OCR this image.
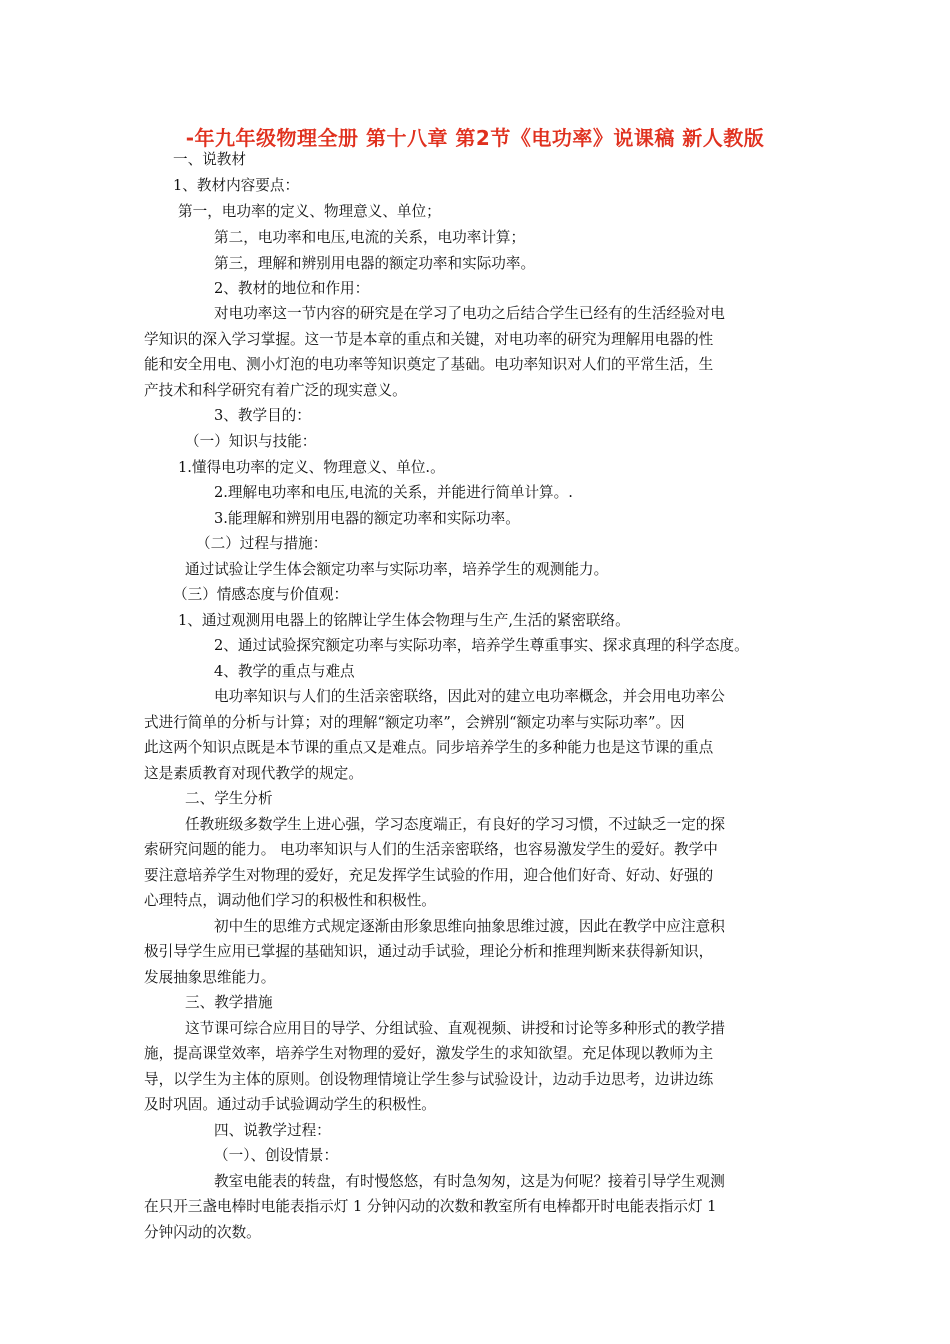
-年九年级物理全册 第十八章 第2节《电功率》说课稿 新人教版
一、说教材
1、教材内容要点：
第一，电功率的定义、物理意义、单位；
第二，电功率和电压,电流的关系，电功率计算；
第三，理解和辨别用电器的额定功率和实际功率。
2、教材的地位和作用：
对电功率这一节内容的研究是在学习了电功之后结合学生已经有的生活经验对电
学知识的深入学习掌握。这一节是本章的重点和关键，对电功率的研究为理解用电器的性
能和安全用电、测小灯泡的电功率等知识奠定了基础。电功率知识对人们的平常生活，生
产技术和科学研究有着广泛的现实意义。
3、教学目的：
（一）知识与技能：
1.懂得电功率的定义、物理意义、单位.。
2.理解电功率和电压,电流的关系，并能进行简单计算。.
3.能理解和辨别用电器的额定功率和实际功率。
（二）过程与措施：
通过试验让学生体会额定功率与实际功率，培养学生的观测能力。
（三）情感态度与价值观：
1、通过观测用电器上的铭牌让学生体会物理与生产,生活的紧密联络。
2、通过试验探究额定功率与实际功率，培养学生尊重事实、探求真理的科学态度。
4、教学的重点与难点
电功率知识与人们的生活亲密联络，因此对的建立电功率概念，并会用电功率公
式进行简单的分析与计算；对的理解“额定功率”，会辨别“额定功率与实际功率”。因
此这两个知识点既是本节课的重点又是难点。同步培养学生的多种能力也是这节课的重点
这是素质教育对现代教学的规定。
二、学生分析
任教班级多数学生上进心强，学习态度端正，有良好的学习习惯，不过缺乏一定的探
索研究问题的能力。 电功率知识与人们的生活亲密联络，也容易激发学生的爱好。教学中
要注意培养学生对物理的爱好，充足发挥学生试验的作用，迎合他们好奇、好动、好强的
心理特点，调动他们学习的积极性和积极性。
初中生的思维方式规定逐渐由形象思维向抽象思维过渡，因此在教学中应注意积
极引导学生应用已掌握的基础知识，通过动手试验，理论分析和推理判断来获得新知识，
发展抽象思维能力。
三、教学措施
这节课可综合应用目的导学、分组试验、直观视频、讲授和讨论等多种形式的教学措
施，提高课堂效率，培养学生对物理的爱好，激发学生的求知欲望。充足体现以教师为主
导，以学生为主体的原则。创设物理情境让学生参与试验设计，边动手边思考，边讲边练
及时巩固。通过动手试验调动学生的积极性。
四、说教学过程：
（一）、创设情景：
教室电能表的转盘，有时慢悠悠，有时急匆匆，这是为何呢？接着引导学生观测
在只开三盏电棒时电能表指示灯 1 分钟闪动的次数和教室所有电棒都开时电能表指示灯 1
分钟闪动的次数。
